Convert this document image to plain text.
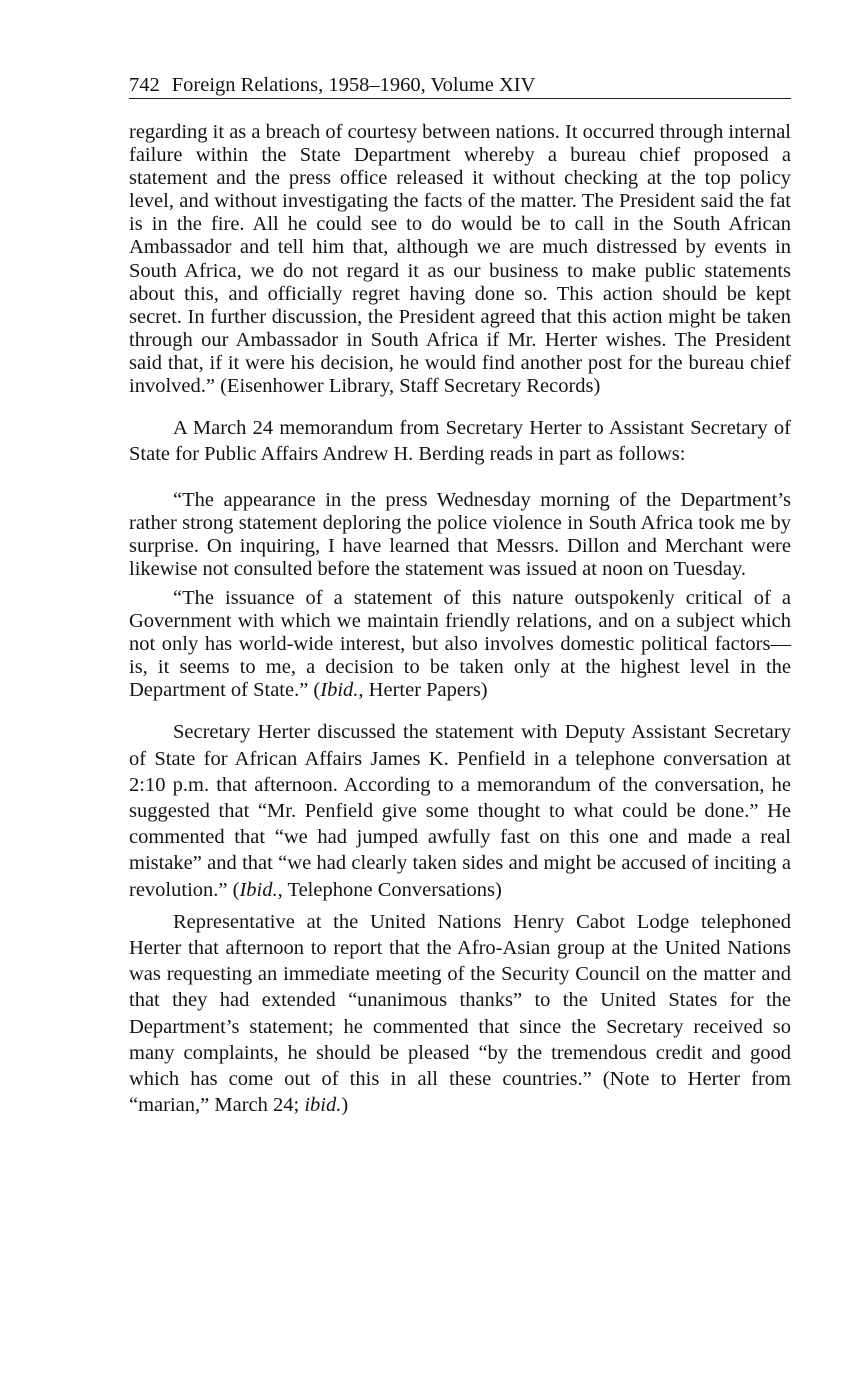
742 Foreign Relations, 1958–1960, Volume XIV

regarding it as a breach of courtesy between nations. It occurred through internal failure within the State Department whereby a bureau chief proposed a statement and the press office released it without checking at the top policy level, and without investigating the facts of the matter. The President said the fat is in the fire. All he could see to do would be to call in the South African Ambassador and tell him that, although we are much distressed by events in South Africa, we do not regard it as our business to make public statements about this, and officially regret having done so. This action should be kept secret. In further discussion, the President agreed that this action might be taken through our Ambassador in South Africa if Mr. Herter wishes. The President said that, if it were his decision, he would find another post for the bureau chief involved.” (Eisenhower Library, Staff Secretary Records)

A March 24 memorandum from Secretary Herter to Assistant Secretary of State for Public Affairs Andrew H. Berding reads in part as follows:

“The appearance in the press Wednesday morning of the Department’s rather strong statement deploring the police violence in South Africa took me by surprise. On inquiring, I have learned that Messrs. Dillon and Merchant were likewise not consulted before the statement was issued at noon on Tuesday.

“The issuance of a statement of this nature outspokenly critical of a Government with which we maintain friendly relations, and on a subject which not only has world-wide interest, but also involves domestic political factors—is, it seems to me, a decision to be taken only at the highest level in the Department of State.” (Ibid., Herter Papers)

Secretary Herter discussed the statement with Deputy Assistant Secretary of State for African Affairs James K. Penfield in a telephone conversation at 2:10 p.m. that afternoon. According to a memorandum of the conversation, he suggested that “Mr. Penfield give some thought to what could be done.” He commented that “we had jumped awfully fast on this one and made a real mistake” and that “we had clearly taken sides and might be accused of inciting a revolution.” (Ibid., Telephone Conversations)

Representative at the United Nations Henry Cabot Lodge telephoned Herter that afternoon to report that the Afro-Asian group at the United Nations was requesting an immediate meeting of the Security Council on the matter and that they had extended “unanimous thanks” to the United States for the Department’s statement; he commented that since the Secretary received so many complaints, he should be pleased “by the tremendous credit and good which has come out of this in all these countries.” (Note to Herter from “marian,” March 24; ibid.)
